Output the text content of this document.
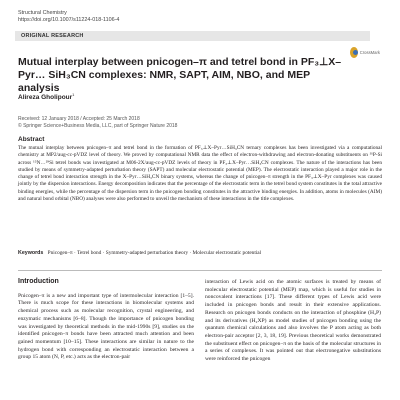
Structural Chemistry
https://doi.org/10.1007/s11224-018-1106-4
ORIGINAL RESEARCH
CrossMark
Mutual interplay between pnicogen–π and tetrel bond in PF₃⊥X–Pyr… SiH₃CN complexes: NMR, SAPT, AIM, NBO, and MEP analysis
Alireza Gholipour$^1$
Received: 12 January 2018 / Accepted: 25 March 2018
© Springer Science+Business Media, LLC, part of Springer Nature 2018
Abstract
The mutual interplay between pnicogen–π and tetrel bond in the formation of PF₃⊥X–Pyr…SiH₃CN ternary complexes has been investigated via a computational chemistry at MP2/aug-cc-pVDZ level of theory. We proved by computational NMR data the effect of electron-withdrawing and electron-donating substituents on ³¹P-Si across ¹⁵N…²⁹Si tetrel bonds was investigated at M06-2X/aug-cc-pVDZ levels of theory in PF₃⊥X–Pyr…SiH₃CN complexes. The nature of the interactions has been studied by means of symmetry-adapted perturbation theory (SAPT) and molecular electrostatic potential (MEP). The electrostatic interaction played a major role in the change of tetrel bond interaction strength in the X–Pyr…SiH₃CN binary systems, whereas the change of pnicogen–π strength in the PF₃⊥X–Pyr complexes was caused jointly by the dispersion interactions. Energy decomposition indicates that the percentage of the electrostatic term in the tetrel bond system constitutes in the total attractive binding energies, while the percentage of the dispersion term in the pnicogen bonding constitutes in the attractive binding energies. In addition, atoms in molecules (AIM) and natural bond orbital (NBO) analyses were also performed to unveil the mechanism of these interactions in the title complexes.
Keywords Pnicogen–π · Tetrel bond · Symmetry-adapted perturbation theory · Molecular electrostatic potential
Introduction

Pnicogen–π is a new and important type of intermolecular interaction [1–5]. There is much scope for these interactions in biomolecular systems and chemical process such as molecular recognition, crystal engineering, and enzymatic mechanisms [6–8]. Though the importance of pnicogen bonding was investigated by theoretical methods in the mid-1990s [9], studies on the identified pnicogen–π bonds have been attracted much attention and been gained momentum [10–15]. These interactions are similar in nature to the hydrogen bond with corresponding an electrostatic interaction between a group 15 atom (N, P, etc.) acts as the electron-pair

interaction of Lewis acid on the atomic surfaces is treated by means of molecular electrostatic potential (MEP) map, which is useful for studies in noncovalent interactions [17]. These different types of Lewis acid were included in pnicogen bonds and result in their extensive applications. Research on pnicogen bonds conducts on the interaction of phosphine (H₃P) and its derivatives (H₂XP) as model studies of pnicogen bonding using the quantum chemical calculations and also involves the P atom acting as both electron-pair acceptor [2, 3, 18, 19]. Previous theoretical works demonstrated the substituent effect on pnicogen–π on the basis of the molecular structures in a series of complexes. It was pointed out that electronegative substitutions were reinforced the pnicogen
